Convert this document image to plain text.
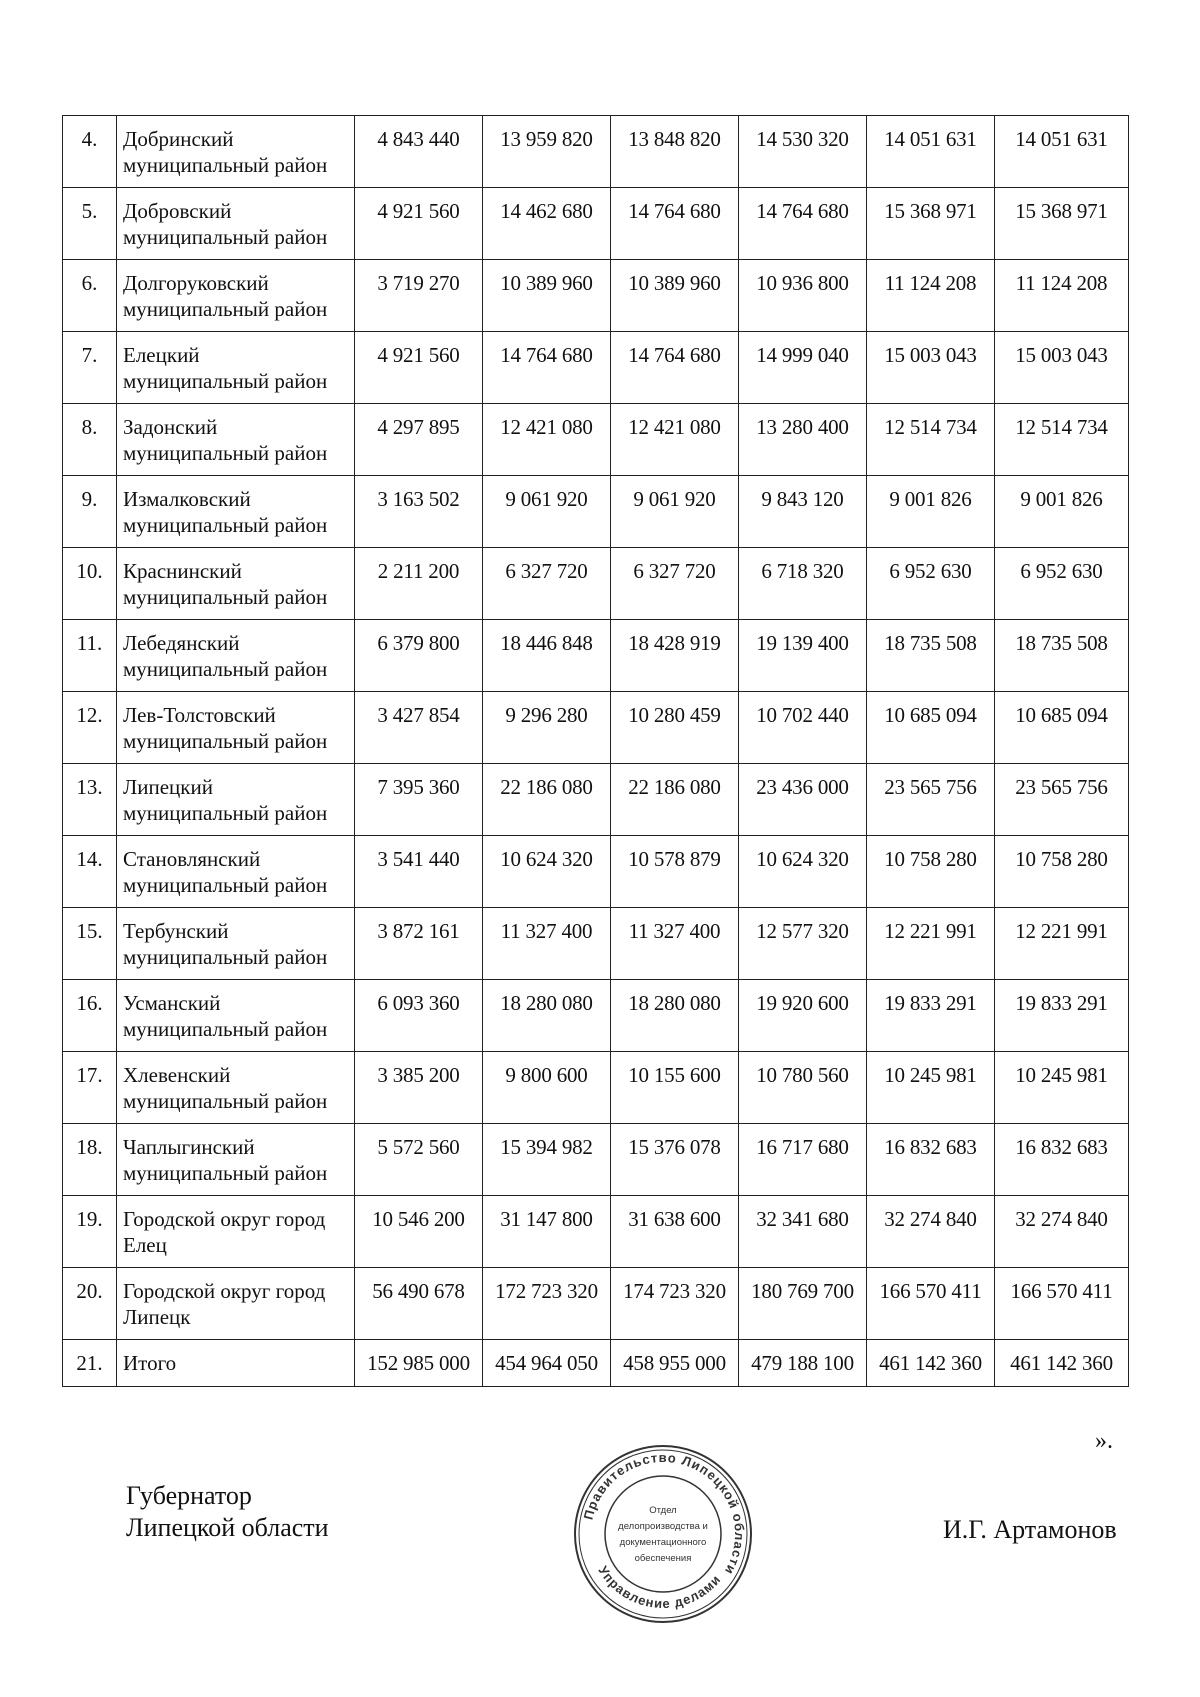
4.	Добринский муниципальный район	4 843 440	13 959 820	13 848 820	14 530 320	14 051 631	14 051 631
5.	Добровский муниципальный район	4 921 560	14 462 680	14 764 680	14 764 680	15 368 971	15 368 971
6.	Долгоруковский муниципальный район	3 719 270	10 389 960	10 389 960	10 936 800	11 124 208	11 124 208
7.	Елецкий муниципальный район	4 921 560	14 764 680	14 764 680	14 999 040	15 003 043	15 003 043
8.	Задонский муниципальный район	4 297 895	12 421 080	12 421 080	13 280 400	12 514 734	12 514 734
9.	Измалковский муниципальный район	3 163 502	9 061 920	9 061 920	9 843 120	9 001 826	9 001 826
10.	Краснинский муниципальный район	2 211 200	6 327 720	6 327 720	6 718 320	6 952 630	6 952 630
11.	Лебедянский муниципальный район	6 379 800	18 446 848	18 428 919	19 139 400	18 735 508	18 735 508
12.	Лев-Толстовский муниципальный район	3 427 854	9 296 280	10 280 459	10 702 440	10 685 094	10 685 094
13.	Липецкий муниципальный район	7 395 360	22 186 080	22 186 080	23 436 000	23 565 756	23 565 756
14.	Становлянский муниципальный район	3 541 440	10 624 320	10 578 879	10 624 320	10 758 280	10 758 280
15.	Тербунский муниципальный район	3 872 161	11 327 400	11 327 400	12 577 320	12 221 991	12 221 991
16.	Усманский муниципальный район	6 093 360	18 280 080	18 280 080	19 920 600	19 833 291	19 833 291
17.	Хлевенский муниципальный район	3 385 200	9 800 600	10 155 600	10 780 560	10 245 981	10 245 981
18.	Чаплыгинский муниципальный район	5 572 560	15 394 982	15 376 078	16 717 680	16 832 683	16 832 683
19.	Городской округ город Елец	10 546 200	31 147 800	31 638 600	32 341 680	32 274 840	32 274 840
20.	Городской округ город Липецк	56 490 678	172 723 320	174 723 320	180 769 700	166 570 411	166 570 411
21.	Итого	152 985 000	454 964 050	458 955 000	479 188 100	461 142 360	461 142 360
».
Губернатор
Липецкой области	Правительство Липецкой области
Управление делами
Отдел
делопроизводства и
документационного
обеспечения
И.Г. Артамонов
